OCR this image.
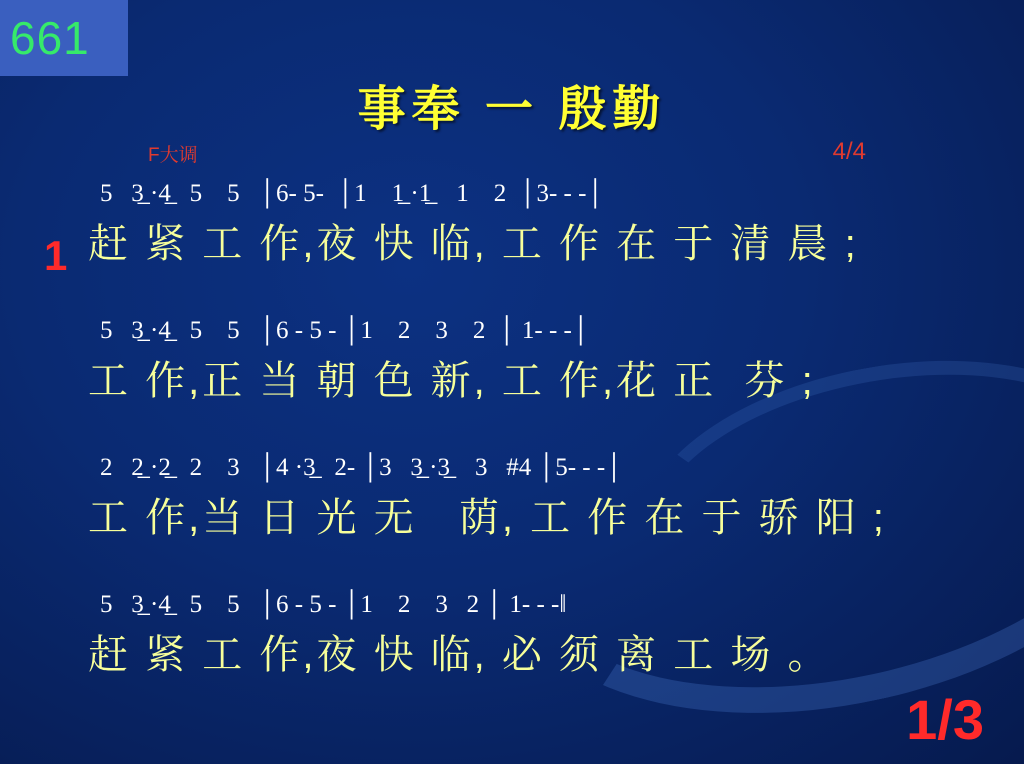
661
事奉 一 殷勤
F大调	4/4
1
5   3̲ ·4̲   5    5   │6- 5-  │1    1̲ ·1̲    1    2  │3- - -│
赶 紧 工 作,夜 快 临, 工 作 在 于 清 晨 ;
5   3̲ ·4̲   5    5   │6 - 5 - │1    2    3    2  │ 1- - -│
工 作,正 当 朝 色 新, 工 作,花 正  芬 ;
2   2̲ ·2̲   2    3   │4 ·3̲   2- │3   3̲ ·3̲    3   #4 │5- - -│
工 作,当 日 光 无   荫, 工 作 在 于 骄 阳 ;
5   3̲ ·4̲   5    5   │6 - 5 - │1    2    3   2 │ 1- - -‖
赶 紧 工 作,夜 快 临, 必 须 离 工 场 。
1/3
